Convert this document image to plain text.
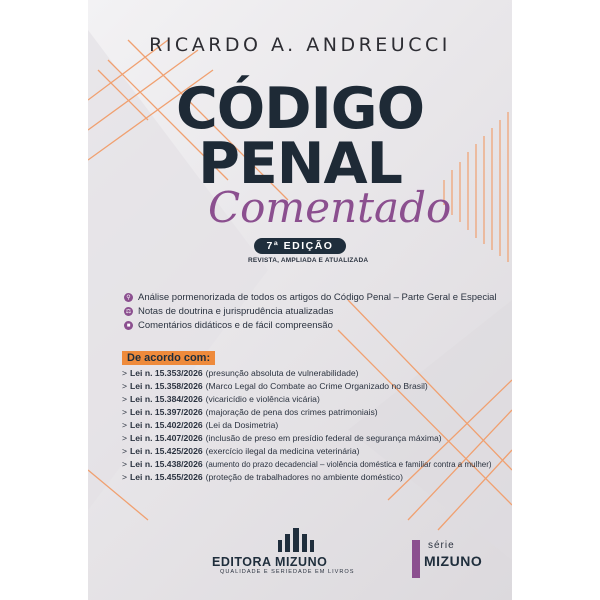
RICARDO A. ANDREUCCI
CÓDIGO
PENAL
Comentado
7ª EDIÇÃO
REVISTA, AMPLIADA E ATUALIZADA
⚲ Análise pormenorizada de todos os artigos do Código Penal – Parte Geral e Especial
⚖ Notas de doutrina e jurisprudência atualizadas
■ Comentários didáticos e de fácil compreensão
De acordo com:
> Lei n. 15.353/2026 (presunção absoluta de vulnerabilidade)
> Lei n. 15.358/2026 (Marco Legal do Combate ao Crime Organizado no Brasil)
> Lei n. 15.384/2026 (vicaricídio e violência vicária)
> Lei n. 15.397/2026 (majoração de pena dos crimes patrimoniais)
> Lei n. 15.402/2026 (Lei da Dosimetria)
> Lei n. 15.407/2026 (inclusão de preso em presídio federal de segurança máxima)
> Lei n. 15.425/2026 (exercício ilegal da medicina veterinária)
> Lei n. 15.438/2026 (aumento do prazo decadencial – violência doméstica e familiar contra a mulher)
> Lei n. 15.455/2026 (proteção de trabalhadores no ambiente doméstico)
EDITORA MIZUNO
QUALIDADE E SERIEDADE EM LIVROS
série
MIZUNO
